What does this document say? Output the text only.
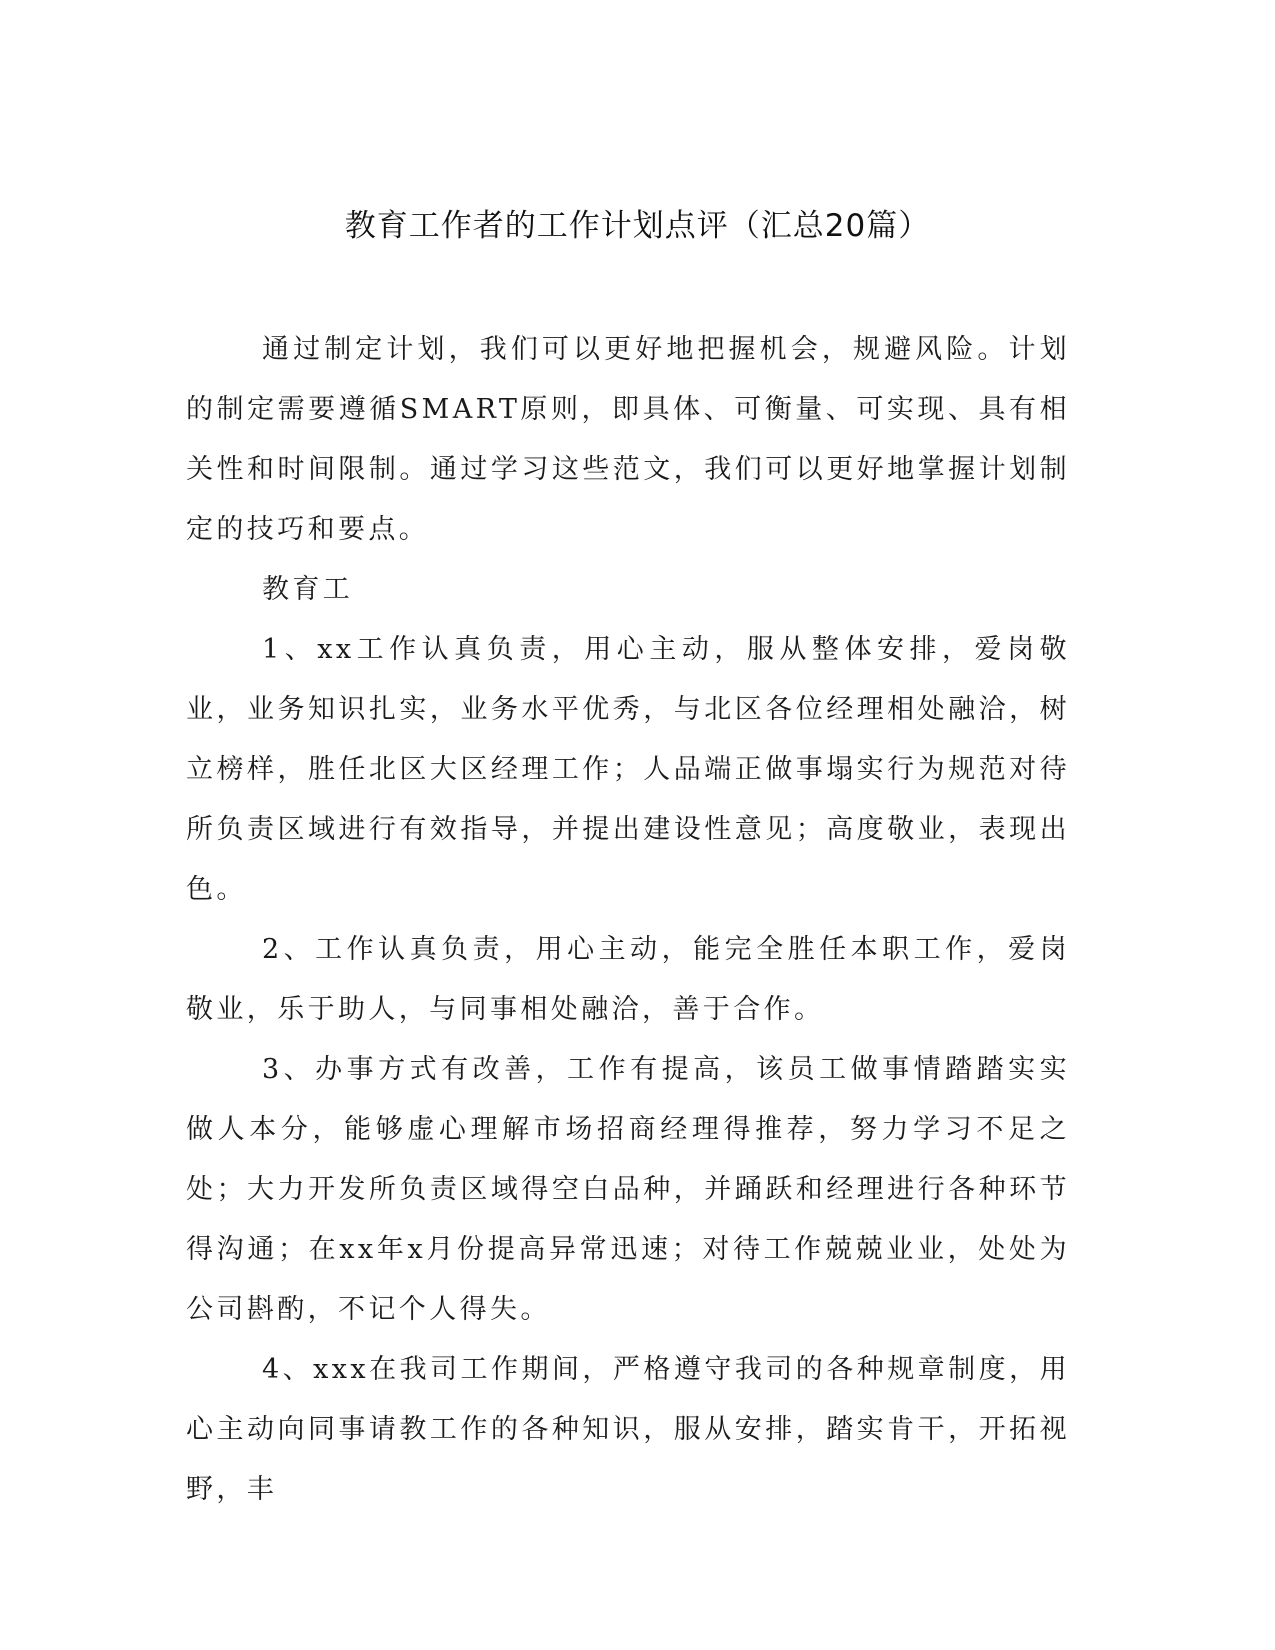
教育工作者的工作计划点评（汇总20篇）

通过制定计划，我们可以更好地把握机会，规避风险。计划的制定需要遵循SMART原则，即具体、可衡量、可实现、具有相关性和时间限制。通过学习这些范文，我们可以更好地掌握计划制定的技巧和要点。

教育工

1、xx工作认真负责，用心主动，服从整体安排，爱岗敬业，业务知识扎实，业务水平优秀，与北区各位经理相处融洽，树立榜样，胜任北区大区经理工作；人品端正做事塌实行为规范对待所负责区域进行有效指导，并提出建设性意见；高度敬业，表现出色。

2、工作认真负责，用心主动，能完全胜任本职工作，爱岗敬业，乐于助人，与同事相处融洽，善于合作。

3、办事方式有改善，工作有提高，该员工做事情踏踏实实做人本分，能够虚心理解市场招商经理得推荐，努力学习不足之处；大力开发所负责区域得空白品种，并踊跃和经理进行各种环节得沟通；在xx年x月份提高异常迅速；对待工作兢兢业业，处处为公司斟酌，不记个人得失。

4、xxx在我司工作期间，严格遵守我司的各种规章制度，用心主动向同事请教工作的各种知识，服从安排，踏实肯干，开拓视野，丰
